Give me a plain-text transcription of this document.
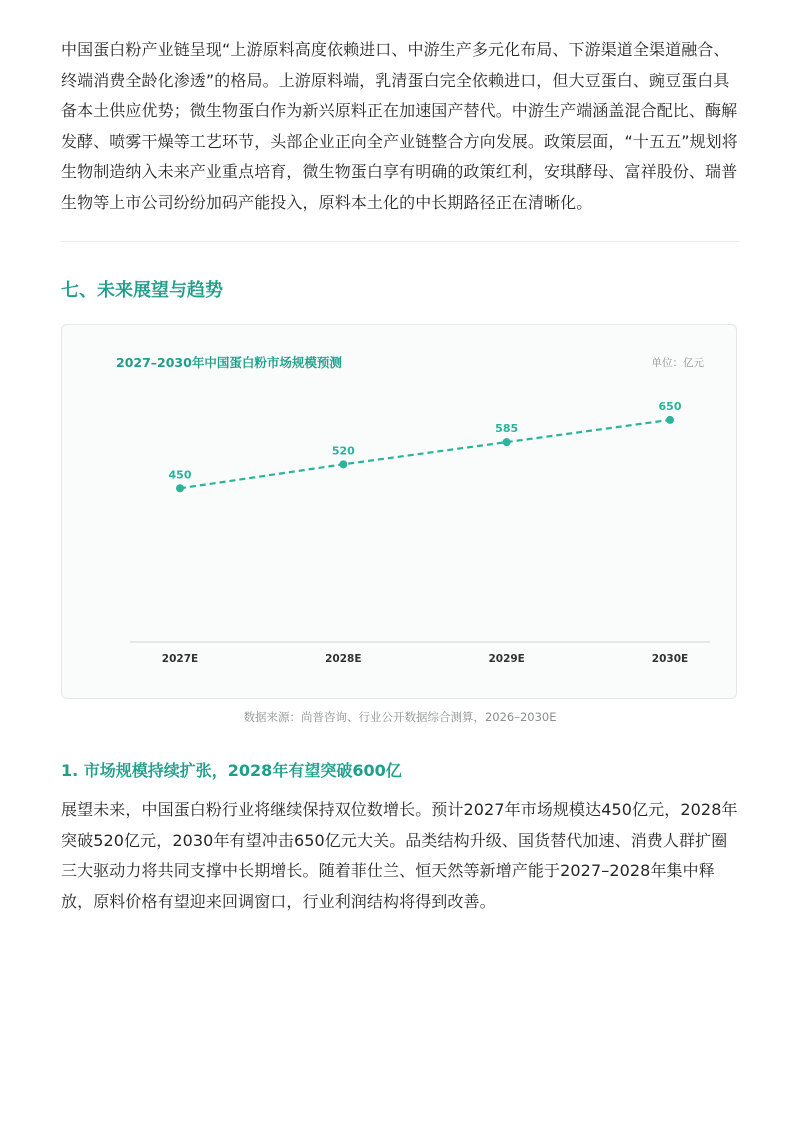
中国蛋白粉产业链呈现“上游原料高度依赖进口、中游生产多元化布局、下游渠道全渠道融合、终端消费全龄化渗透”的格局。上游原料端，乳清蛋白完全依赖进口，但大豆蛋白、豌豆蛋白具备本土供应优势；微生物蛋白作为新兴原料正在加速国产替代。中游生产端涵盖混合配比、酶解发酵、喷雾干燥等工艺环节，头部企业正向全产业链整合方向发展。政策层面，“十五五”规划将生物制造纳入未来产业重点培育，微生物蛋白享有明确的政策红利，安琪酵母、富祥股份、瑞普生物等上市公司纷纷加码产能投入，原料本土化的中长期路径正在清晰化。

七、未来展望与趋势
2027–2030年中国蛋白粉市场规模预测	单位：亿元
450
2027E
520
2028E
585
2029E
650
2030E
数据来源：尚普咨询、行业公开数据综合测算，2026–2030E
1. 市场规模持续扩张，2028年有望突破600亿

展望未来，中国蛋白粉行业将继续保持双位数增长。预计2027年市场规模达450亿元，2028年突破520亿元，2030年有望冲击650亿元大关。品类结构升级、国货替代加速、消费人群扩圈三大驱动力将共同支撑中长期增长。随着菲仕兰、恒天然等新增产能于2027–2028年集中释放，原料价格有望迎来回调窗口，行业利润结构将得到改善。
